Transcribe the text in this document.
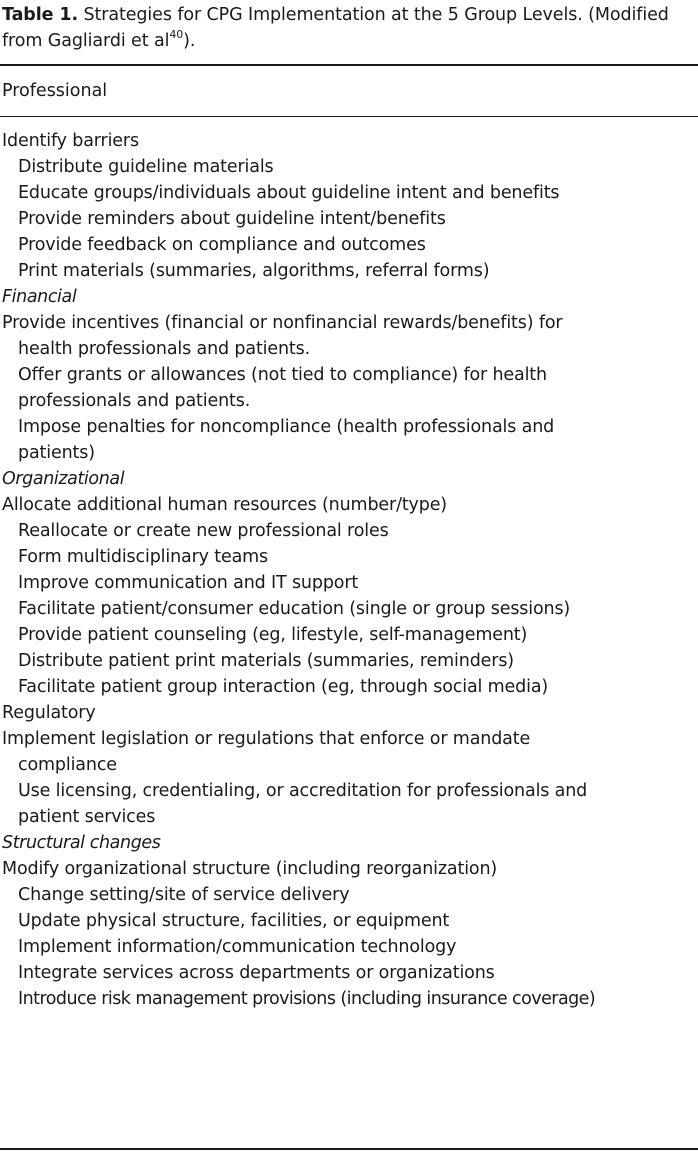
Table 1. Strategies for CPG Implementation at the 5 Group Levels. (Modified from Gagliardi et $al^{40}$).
Professional
Identify barriers
Distribute guideline materials
Educate groups/individuals about guideline intent and benefits
Provide reminders about guideline intent/benefits
Provide feedback on compliance and outcomes
Print materials (summaries, algorithms, referral forms)
Financial
Provide incentives (financial or nonfinancial rewards/benefits) for
health professionals and patients.
Offer grants or allowances (not tied to compliance) for health
professionals and patients.
Impose penalties for noncompliance (health professionals and
patients)
Organizational
Allocate additional human resources (number/type)
Reallocate or create new professional roles
Form multidisciplinary teams
Improve communication and IT support
Facilitate patient/consumer education (single or group sessions)
Provide patient counseling (eg, lifestyle, self-management)
Distribute patient print materials (summaries, reminders)
Facilitate patient group interaction (eg, through social media)
Regulatory
Implement legislation or regulations that enforce or mandate
compliance
Use licensing, credentialing, or accreditation for professionals and
patient services
Structural changes
Modify organizational structure (including reorganization)
Change setting/site of service delivery
Update physical structure, facilities, or equipment
Implement information/communication technology
Integrate services across departments or organizations
Introduce risk management provisions (including insurance coverage)
